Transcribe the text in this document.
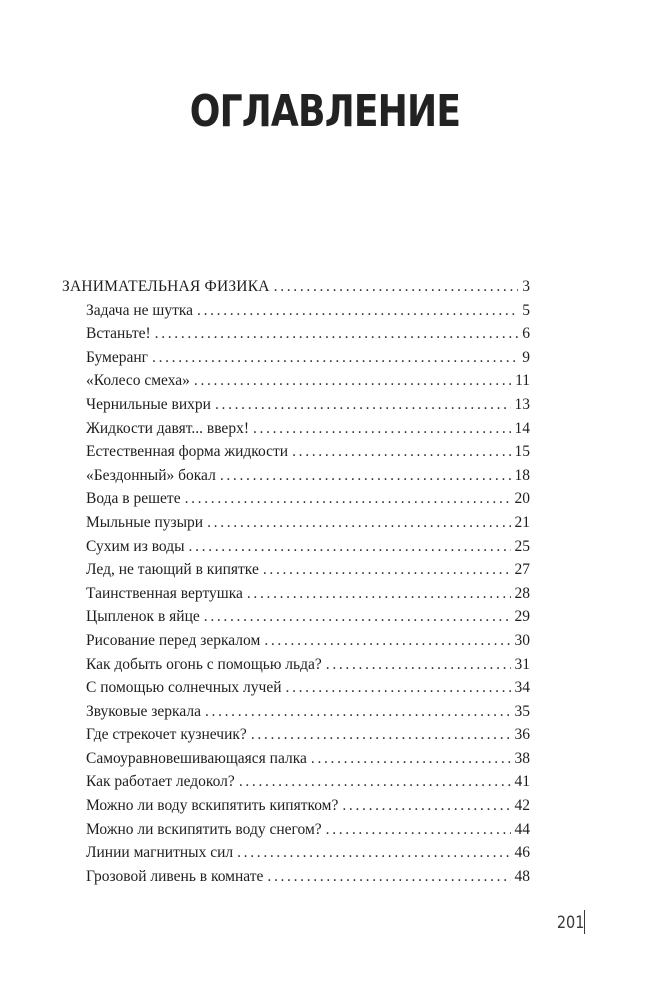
ОГЛАВЛЕНИЕ
ЗАНИМАТЕЛЬНАЯ ФИЗИКА . . .	3
Задача не шутка . . .	5
Встаньте! . . .	6
Бумеранг . . .	9
«Колесо смеха» . . .	11
Чернильные вихри . . .	13
Жидкости давят... вверх! . . .	14
Естественная форма жидкости . . .	15
«Бездонный» бокал . . .	18
Вода в решете . . .	20
Мыльные пузыри . . .	21
Сухим из воды . . .	25
Лед, не тающий в кипятке . . .	27
Таинственная вертушка . . .	28
Цыпленок в яйце . . .	29
Рисование перед зеркалом . . .	30
Как добыть огонь с помощью льда? . . .	31
С помощью солнечных лучей . . .	34
Звуковые зеркала . . .	35
Где стрекочет кузнечик? . . .	36
Самоуравновешивающаяся палка . . .	38
Как работает ледокол? . . .	41
Можно ли воду вскипятить кипятком? . . .	42
Можно ли вскипятить воду снегом? . . .	44
Линии магнитных сил . . .	46
Грозовой ливень в комнате . . .	48
201
